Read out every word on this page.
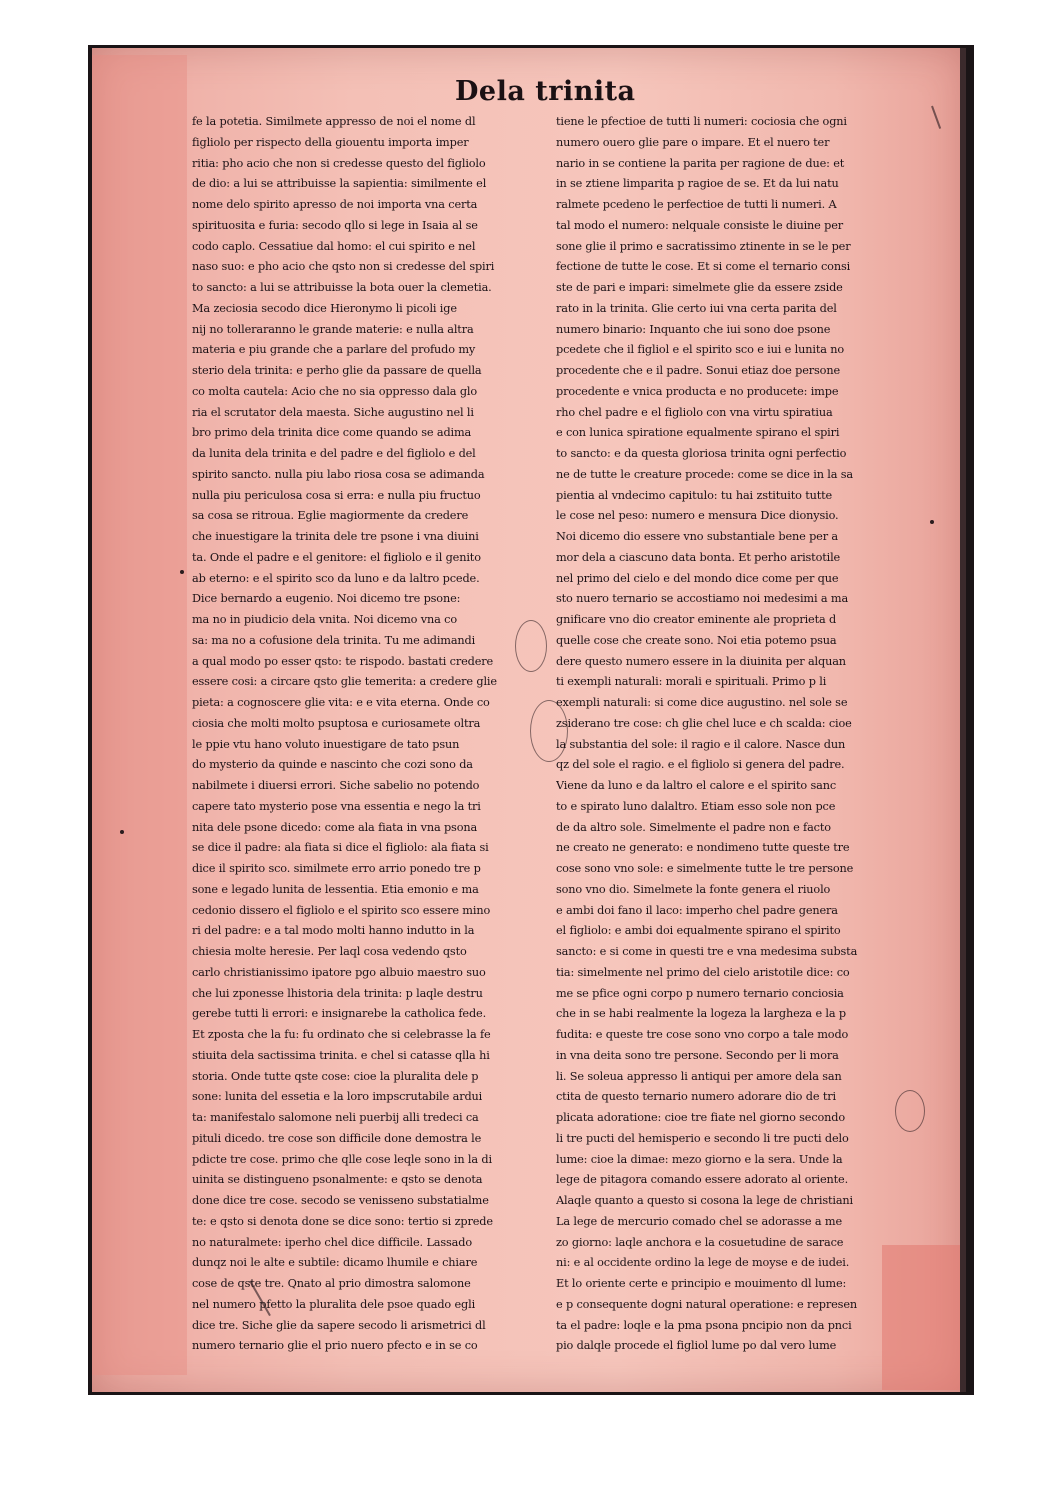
Dela trinita
fe la potetia. Similmete appresso de noi el nome dl
figliolo per rispecto della giouentu importa imper
ritia: pho acio che non si credesse questo del figliolo
de dio: a lui se attribuisse la sapientia: similmente el
nome delo spirito apresso de noi importa vna certa
spirituosita e furia: secodo qllo si lege in Isaia al se
codo caplo. Cessatiue dal homo: el cui spirito e nel
naso suo: e pho acio che qsto non si credesse del spiri
to sancto: a lui se attribuisse la bota ouer la clemetia.
Ma zeciosia secodo dice Hieronymo li picoli ige
nij no tolleraranno le grande materie: e nulla altra
materia e piu grande che a parlare del profudo my
sterio dela trinita: e perho glie da passare de quella
co molta cautela: Acio che no sia oppresso dala glo
ria el scrutator dela maesta. Siche augustino nel li
bro primo dela trinita dice come quando se adima
da lunita dela trinita e del padre e del figliolo e del
spirito sancto. nulla piu labo riosa cosa se adimanda
nulla piu periculosa cosa si erra: e nulla piu fructuo
sa cosa se ritroua. Eglie magiormente da credere
che inuestigare la trinita dele tre psone i vna diuini
ta. Onde el padre e el genitore: el figliolo e il genito
ab eterno: e el spirito sco da luno e da laltro pcede.
Dice bernardo a eugenio. Noi dicemo tre psone:
ma no in piudicio dela vnita. Noi dicemo vna co
sa: ma no a cofusione dela trinita. Tu me adimandi
a qual modo po esser qsto: te rispodo. bastati credere
essere cosi: a circare qsto glie temerita: a credere glie
pieta: a cognoscere glie vita: e e vita eterna. Onde co
ciosia che molti molto psuptosa e curiosamete oltra
le ppie vtu hano voluto inuestigare de tato psun
do mysterio da quinde e nascinto che cozi sono da
nabilmete i diuersi errori. Siche sabelio no potendo
capere tato mysterio pose vna essentia e nego la tri
nita dele psone dicedo: come ala fiata in vna psona
se dice il padre: ala fiata si dice el figliolo: ala fiata si
dice il spirito sco. similmete erro arrio ponedo tre p
sone e legado lunita de lessentia. Etia emonio e ma
cedonio dissero el figliolo e el spirito sco essere mino
ri del padre: e a tal modo molti hanno indutto in la
chiesia molte heresie. Per laql cosa vedendo qsto
carlo christianissimo ipatore pgo albuio maestro suo
che lui zponesse lhistoria dela trinita: p laqle destru
gerebe tutti li errori: e insignarebe la catholica fede.
Et zposta che la fu: fu ordinato che si celebrasse la fe
stiuita dela sactissima trinita. e chel si catasse qlla hi
storia. Onde tutte qste cose: cioe la pluralita dele p
sone: lunita del essetia e la loro impscrutabile ardui
ta: manifestalo salomone neli puerbij alli tredeci ca
pituli dicedo. tre cose son difficile done demostra le
pdicte tre cose. primo che qlle cose leqle sono in la di
uinita se distingueno psonalmente: e qsto se denota
done dice tre cose. secodo se venisseno substatialme
te: e qsto si denota done se dice sono: tertio si zprede
no naturalmete: iperho chel dice difficile. Lassado
dunqz noi le alte e subtile: dicamo lhumile e chiare
cose de qste tre. Qnato al prio dimostra salomone
nel numero pfetto la pluralita dele psoe quado egli
dice tre. Siche glie da sapere secodo li arismetrici dl
numero ternario glie el prio nuero pfecto e in se co
tiene le pfectioe de tutti li numeri: cociosia che ogni
numero ouero glie pare o impare. Et el nuero ter
nario in se contiene la parita per ragione de due: et
in se ztiene limparita p ragioe de se. Et da lui natu
ralmete pcedeno le perfectioe de tutti li numeri. A
tal modo el numero: nelquale consiste le diuine per
sone glie il primo e sacratissimo ztinente in se le per
fectione de tutte le cose. Et si come el ternario consi
ste de pari e impari: simelmete glie da essere zside
rato in la trinita. Glie certo iui vna certa parita del
numero binario: Inquanto che iui sono doe psone
pcedete che il figliol e el spirito sco e iui e lunita no
procedente che e il padre. Sonui etiaz doe persone
procedente e vnica producta e no producete: impe
rho chel padre e el figliolo con vna virtu spiratiua
e con lunica spiratione equalmente spirano el spiri
to sancto: e da questa gloriosa trinita ogni perfectio
ne de tutte le creature procede: come se dice in la sa
pientia al vndecimo capitulo: tu hai zstituito tutte
le cose nel peso: numero e mensura Dice dionysio.
Noi dicemo dio essere vno substantiale bene per a
mor dela a ciascuno data bonta. Et perho aristotile
nel primo del cielo e del mondo dice come per que
sto nuero ternario se accostiamo noi medesimi a ma
gnificare vno dio creator eminente ale proprieta d
quelle cose che create sono. Noi etia potemo psua
dere questo numero essere in la diuinita per alquan
ti exempli naturali: morali e spirituali. Primo p li
exempli naturali: si come dice augustino. nel sole se
zsiderano tre cose: ch glie chel luce e ch scalda: cioe
la substantia del sole: il ragio e il calore. Nasce dun
qz del sole el ragio. e el figliolo si genera del padre.
Viene da luno e da laltro el calore e el spirito sanc
to e spirato luno dalaltro. Etiam esso sole non pce
de da altro sole. Simelmente el padre non e facto
ne creato ne generato: e nondimeno tutte queste tre
cose sono vno sole: e simelmente tutte le tre persone
sono vno dio. Simelmete la fonte genera el riuolo
e ambi doi fano il laco: imperho chel padre genera
el figliolo: e ambi doi equalmente spirano el spirito
sancto: e si come in questi tre e vna medesima substa
tia: simelmente nel primo del cielo aristotile dice: co
me se pfice ogni corpo p numero ternario conciosia
che in se habi realmente la logeza la largheza e la p
fudita: e queste tre cose sono vno corpo a tale modo
in vna deita sono tre persone. Secondo per li mora
li. Se soleua appresso li antiqui per amore dela san
ctita de questo ternario numero adorare dio de tri
plicata adoratione: cioe tre fiate nel giorno secondo
li tre pucti del hemisperio e secondo li tre pucti delo
lume: cioe la dimae: mezo giorno e la sera. Unde la
lege de pitagora comando essere adorato al oriente.
Alaqle quanto a questo si cosona la lege de christiani
La lege de mercurio comado chel se adorasse a me
zo giorno: laqle anchora e la cosuetudine de sarace
ni: e al occidente ordino la lege de moyse e de iudei.
Et lo oriente certe e principio e mouimento dl lume:
e p consequente dogni natural operatione: e represen
ta el padre: loqle e la pma psona pncipio non da pnci
pio dalqle procede el figliol lume po dal vero lume
